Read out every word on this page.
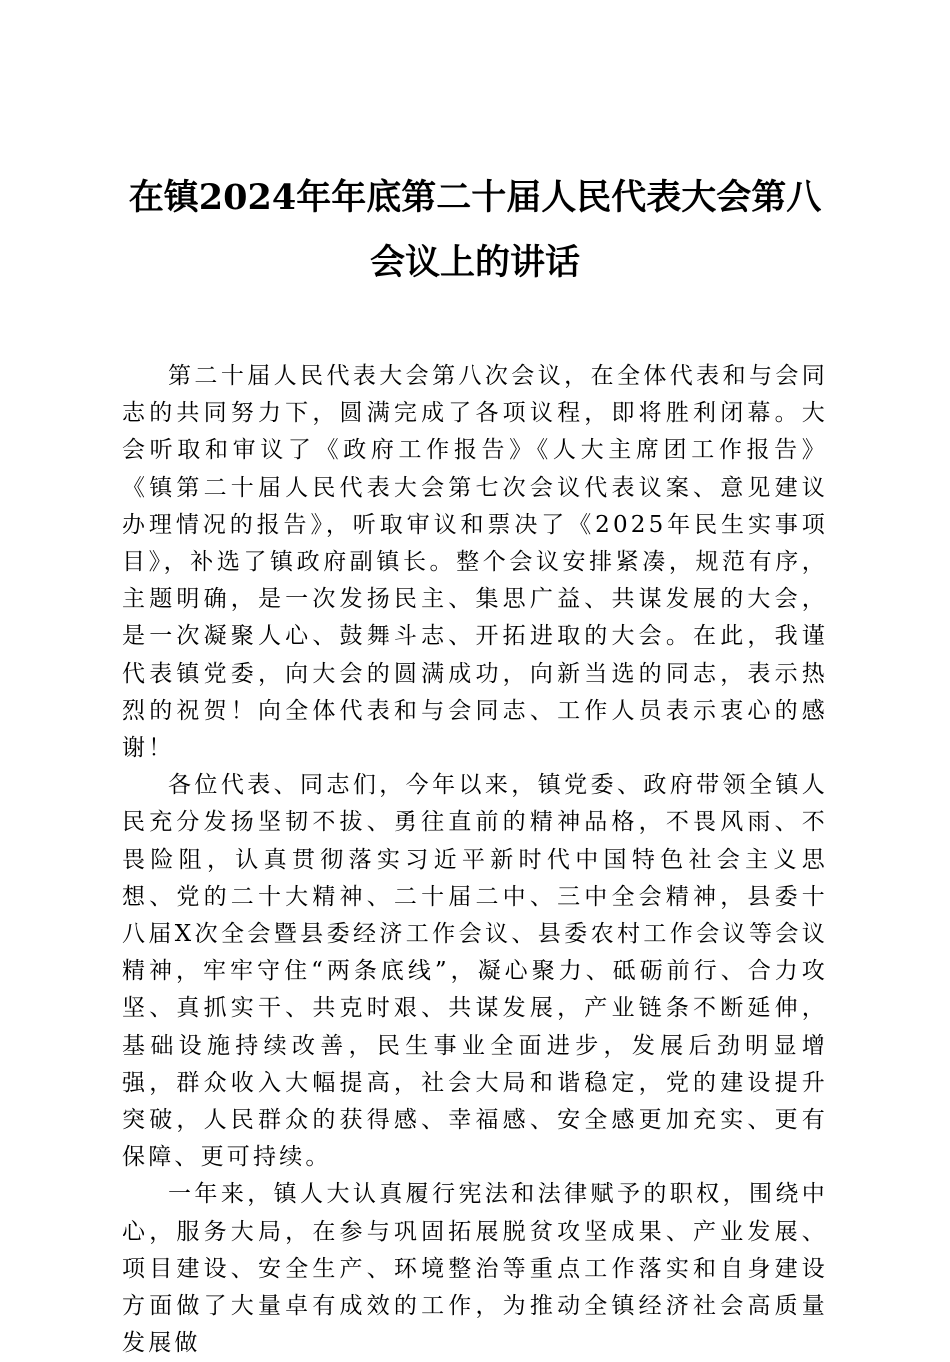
在镇2024年年底第二十届人民代表大会第八会议上的讲话

第二十届人民代表大会第八次会议，在全体代表和与会同志的共同努力下，圆满完成了各项议程，即将胜利闭幕。大会听取和审议了《政府工作报告》《人大主席团工作报告》《镇第二十届人民代表大会第七次会议代表议案、意见建议办理情况的报告》，听取审议和票决了《2025年民生实事项目》，补选了镇政府副镇长。整个会议安排紧凑，规范有序，主题明确，是一次发扬民主、集思广益、共谋发展的大会，是一次凝聚人心、鼓舞斗志、开拓进取的大会。在此，我谨代表镇党委，向大会的圆满成功，向新当选的同志，表示热烈的祝贺！向全体代表和与会同志、工作人员表示衷心的感谢！

各位代表、同志们，今年以来，镇党委、政府带领全镇人民充分发扬坚韧不拔、勇往直前的精神品格，不畏风雨、不畏险阻，认真贯彻落实习近平新时代中国特色社会主义思想、党的二十大精神、二十届二中、三中全会精神，县委十八届X次全会暨县委经济工作会议、县委农村工作会议等会议精神，牢牢守住“两条底线”，凝心聚力、砥砺前行、合力攻坚、真抓实干、共克时艰、共谋发展，产业链条不断延伸，基础设施持续改善，民生事业全面进步，发展后劲明显增强，群众收入大幅提高，社会大局和谐稳定，党的建设提升突破，人民群众的获得感、幸福感、安全感更加充实、更有保障、更可持续。

一年来，镇人大认真履行宪法和法律赋予的职权，围绕中心，服务大局，在参与巩固拓展脱贫攻坚成果、产业发展、项目建设、安全生产、环境整治等重点工作落实和自身建设方面做了大量卓有成效的工作，为推动全镇经济社会高质量发展做
